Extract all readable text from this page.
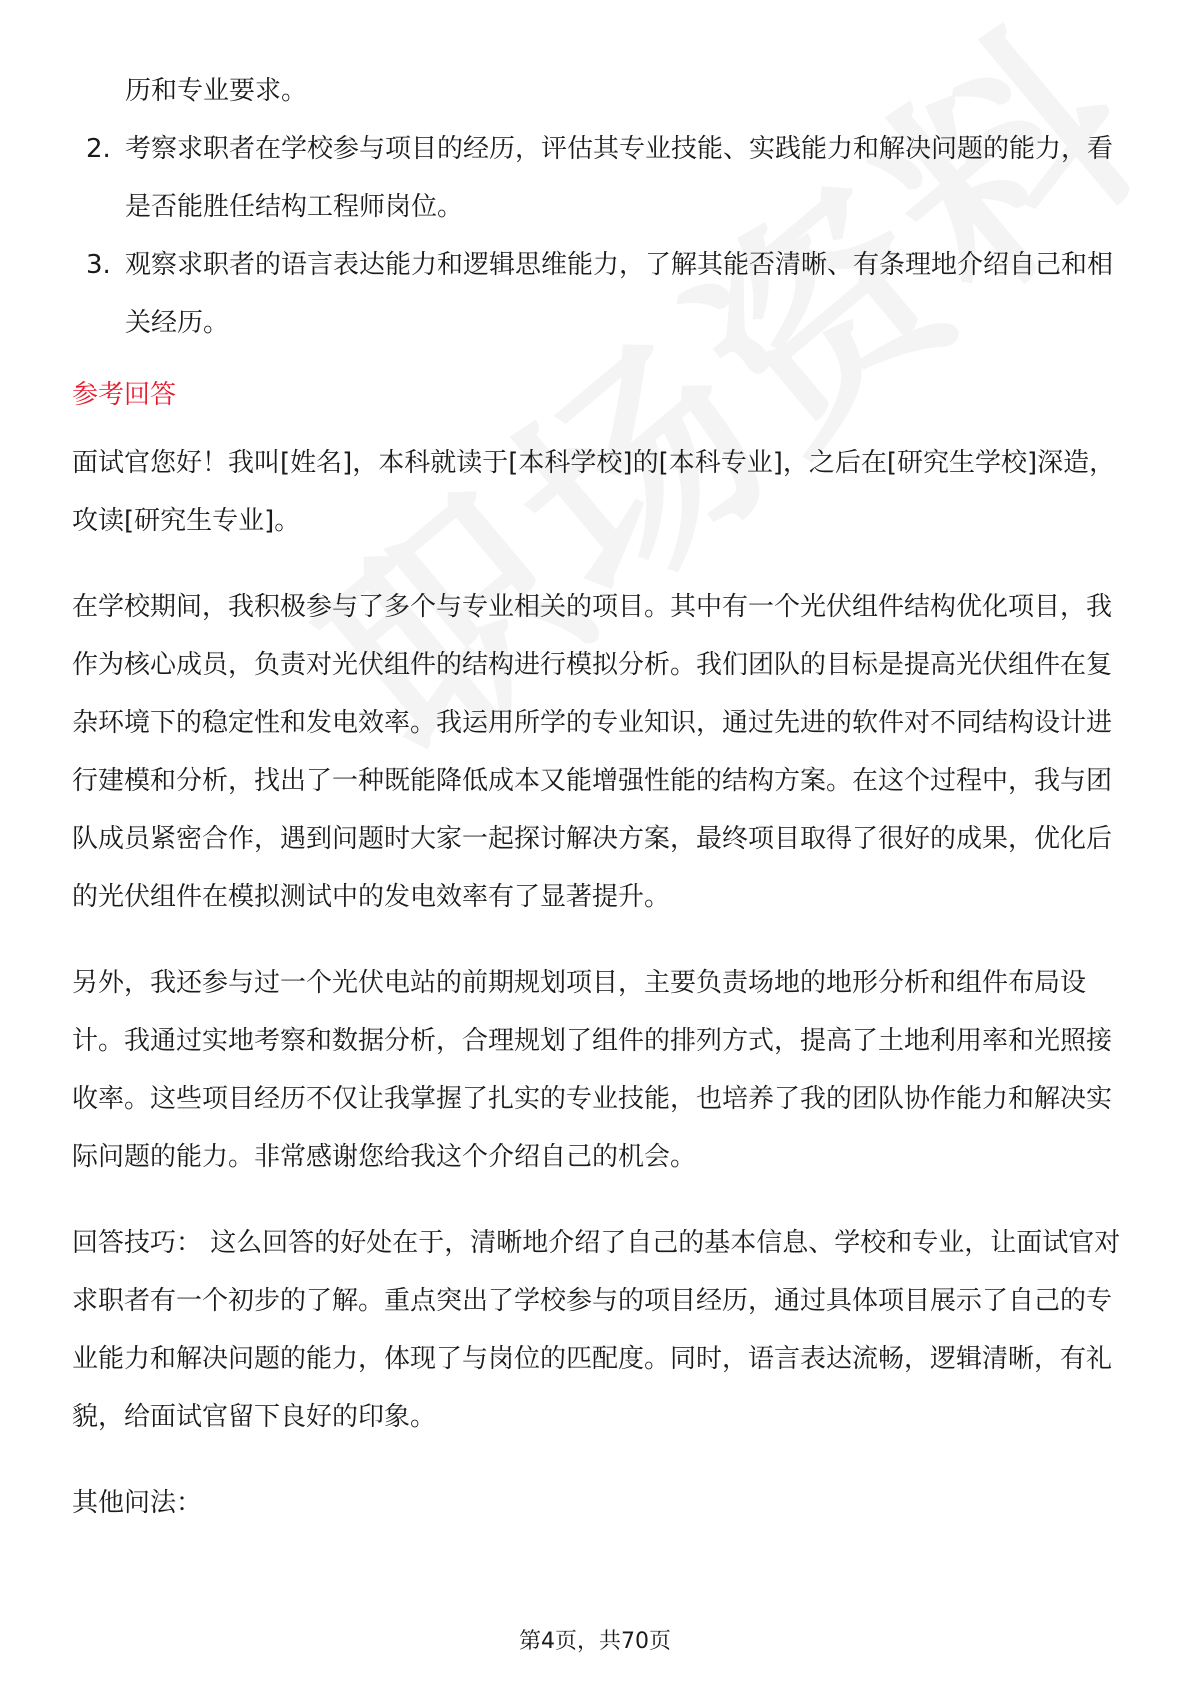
历和专业要求。
2. 考察求职者在学校参与项目的经历，评估其专业技能、实践能力和解决问题的能力，看是否能胜任结构工程师岗位。
3. 观察求职者的语言表达能力和逻辑思维能力，了解其能否清晰、有条理地介绍自己和相关经历。
参考回答

面试官您好！我叫[姓名]，本科就读于[本科学校]的[本科专业]，之后在[研究生学校]深造，攻读[研究生专业]。

在学校期间，我积极参与了多个与专业相关的项目。其中有一个光伏组件结构优化项目，我作为核心成员，负责对光伏组件的结构进行模拟分析。我们团队的目标是提高光伏组件在复杂环境下的稳定性和发电效率。我运用所学的专业知识，通过先进的软件对不同结构设计进行建模和分析，找出了一种既能降低成本又能增强性能的结构方案。在这个过程中，我与团队成员紧密合作，遇到问题时大家一起探讨解决方案，最终项目取得了很好的成果，优化后的光伏组件在模拟测试中的发电效率有了显著提升。

另外，我还参与过一个光伏电站的前期规划项目，主要负责场地的地形分析和组件布局设计。我通过实地考察和数据分析，合理规划了组件的排列方式，提高了土地利用率和光照接收率。这些项目经历不仅让我掌握了扎实的专业技能，也培养了我的团队协作能力和解决实际问题的能力。非常感谢您给我这个介绍自己的机会。

回答技巧： 这么回答的好处在于，清晰地介绍了自己的基本信息、学校和专业，让面试官对求职者有一个初步的了解。重点突出了学校参与的项目经历，通过具体项目展示了自己的专业能力和解决问题的能力，体现了与岗位的匹配度。同时，语言表达流畅，逻辑清晰，有礼貌，给面试官留下良好的印象。

其他问法：

第4页，共70页
